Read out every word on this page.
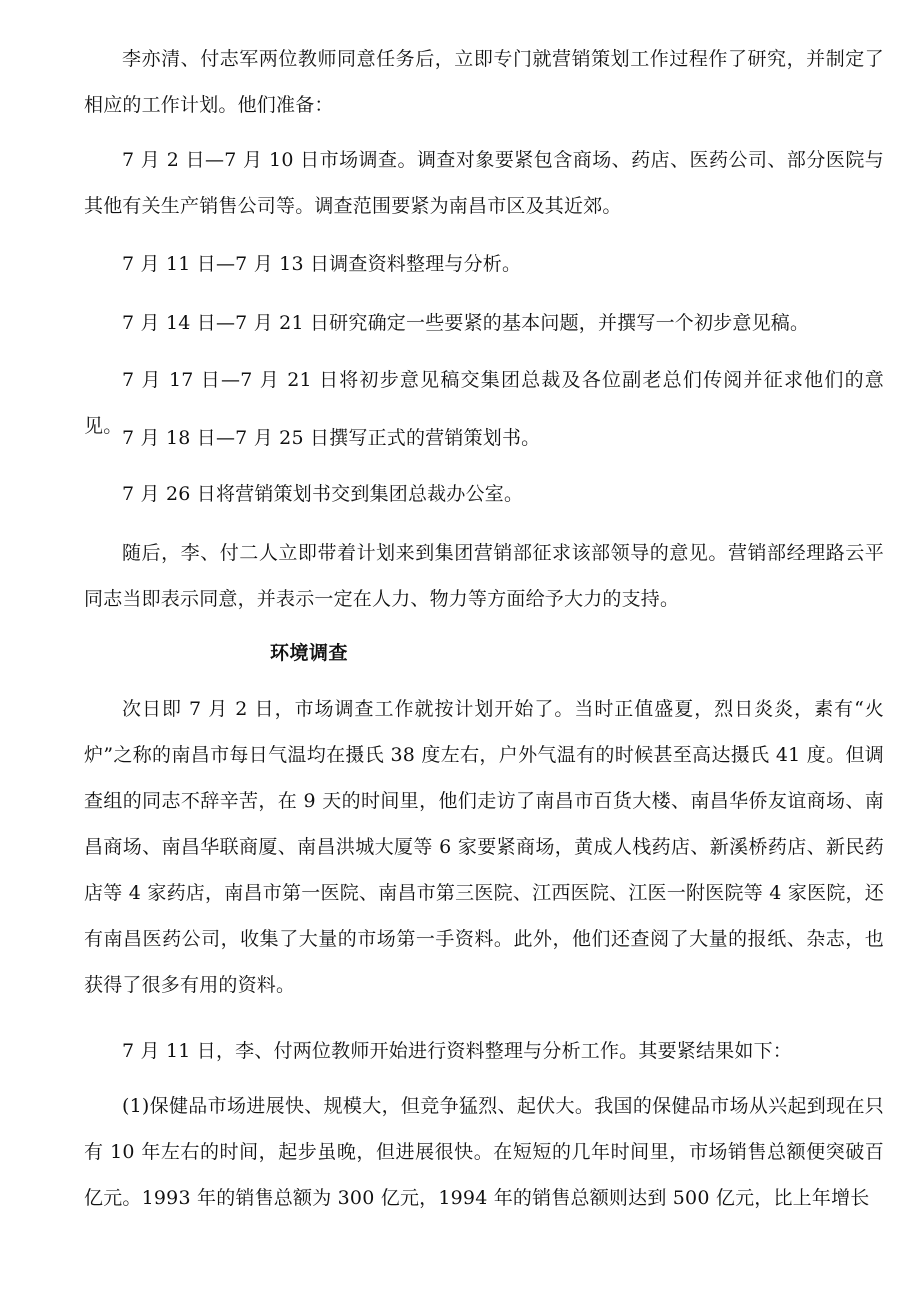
李亦清、付志军两位教师同意任务后，立即专门就营销策划工作过程作了研究，并制定了相应的工作计划。他们准备：

7 月 2 日—7 月 10 日市场调查。调查对象要紧包含商场、药店、医药公司、部分医院与其他有关生产销售公司等。调查范围要紧为南昌市区及其近郊。

7 月 11 日—7 月 13 日调查资料整理与分析。

7 月 14 日—7 月 21 日研究确定一些要紧的基本问题，并撰写一个初步意见稿。

7 月 17 日—7 月 21 日将初步意见稿交集团总裁及各位副老总们传阅并征求他们的意见。

7 月 18 日—7 月 25 日撰写正式的营销策划书。

7 月 26 日将营销策划书交到集团总裁办公室。

随后，李、付二人立即带着计划来到集团营销部征求该部领导的意见。营销部经理路云平同志当即表示同意，并表示一定在人力、物力等方面给予大力的支持。

环境调查

次日即 7 月 2 日，市场调查工作就按计划开始了。当时正值盛夏，烈日炎炎，素有“火炉”之称的南昌市每日气温均在摄氏 38 度左右，户外气温有的时候甚至高达摄氏 41 度。但调查组的同志不辞辛苦，在 9 天的时间里，他们走访了南昌市百货大楼、南昌华侨友谊商场、南昌商场、南昌华联商厦、南昌洪城大厦等 6 家要紧商场，黄成人栈药店、新溪桥药店、新民药店等 4 家药店，南昌市第一医院、南昌市第三医院、江西医院、江医一附医院等 4 家医院，还有南昌医药公司，收集了大量的市场第一手资料。此外，他们还查阅了大量的报纸、杂志，也获得了很多有用的资料。

7 月 11 日，李、付两位教师开始进行资料整理与分析工作。其要紧结果如下：

(1)保健品市场进展快、规模大，但竞争猛烈、起伏大。我国的保健品市场从兴起到现在只有 10 年左右的时间，起步虽晚，但进展很快。在短短的几年时间里，市场销售总额便突破百亿元。1993 年的销售总额为 300 亿元，1994 年的销售总额则达到 500 亿元，比上年增长
